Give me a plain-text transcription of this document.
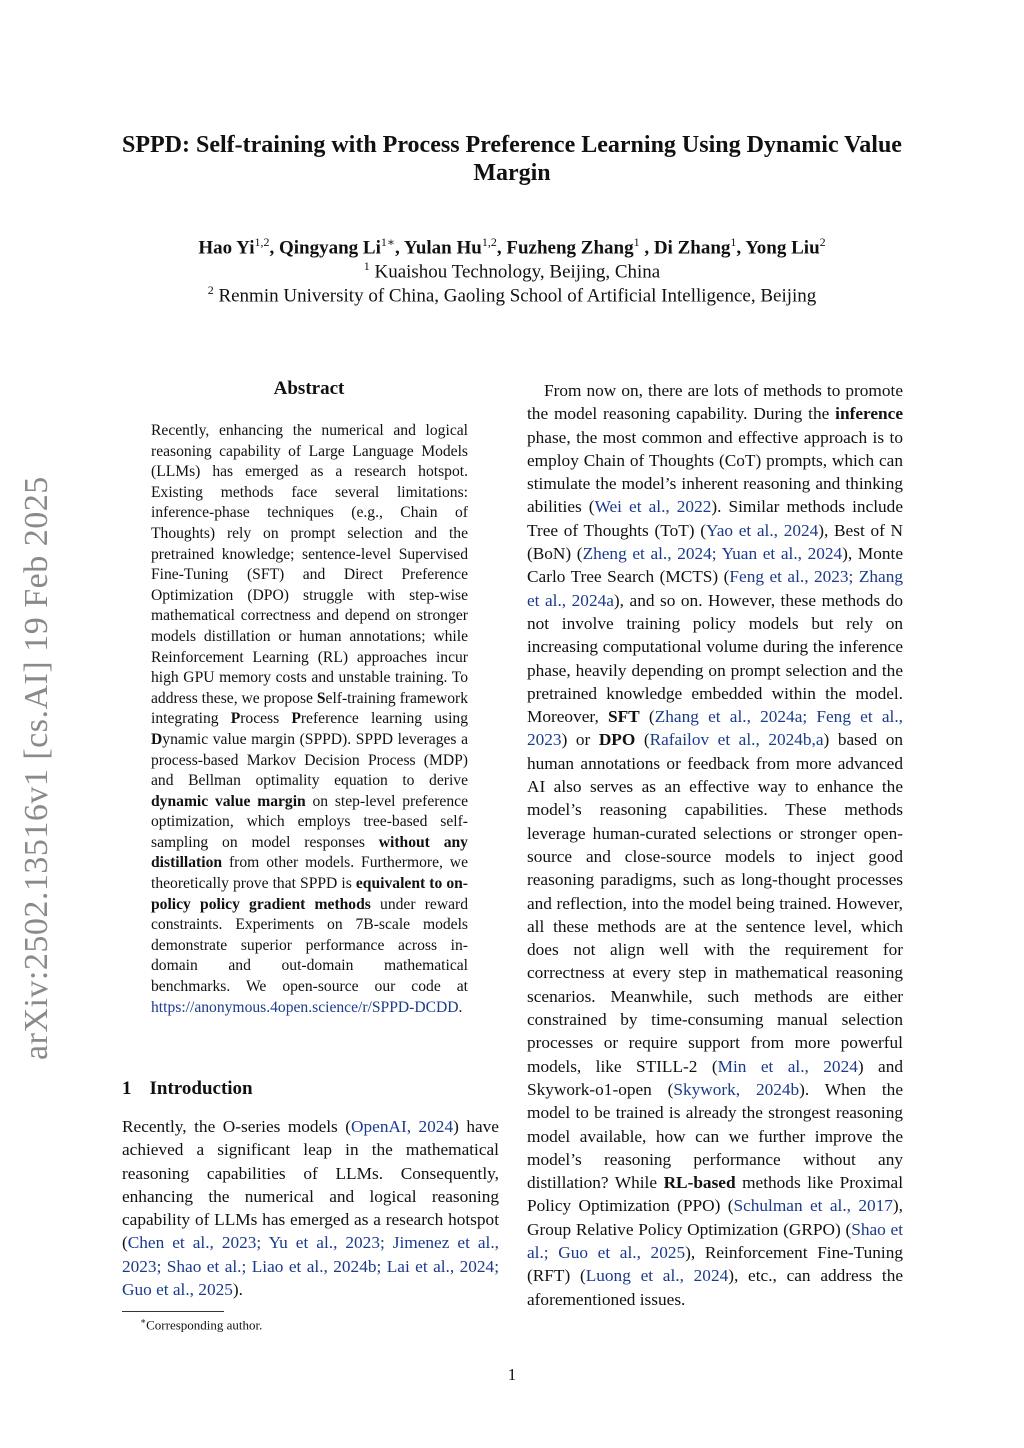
arXiv:2502.13516v1 [cs.AI] 19 Feb 2025
SPPD: Self-training with Process Preference Learning Using Dynamic Value Margin
Hao Yi$^{1,2}$, Qingyang $Li^{1∗}$, Yulan Hu$^{1,2}$, Fuzheng Zhang$^1$ , Di Zhang$^1$, Yong Liu$^2$
$^1$ Kuaishou Technology, Beijing, China
$^2$ Renmin University of China, Gaoling School of Artificial Intelligence, Beijing
Abstract
Recently, enhancing the numerical and logical reasoning capability of Large Language Models (LLMs) has emerged as a research hotspot. Existing methods face several limitations: inference-phase techniques (e.g., Chain of Thoughts) rely on prompt selection and the pretrained knowledge; sentence-level Supervised Fine-Tuning (SFT) and Direct Preference Optimization (DPO) struggle with step-wise mathematical correctness and depend on stronger models distillation or human annotations; while Reinforcement Learning (RL) approaches incur high GPU memory costs and unstable training. To address these, we propose Self-training framework integrating Process Preference learning using Dynamic value margin (SPPD). SPPD leverages a process-based Markov Decision Process (MDP) and Bellman optimality equation to derive dynamic value margin on step-level preference optimization, which employs tree-based self-sampling on model responses without any distillation from other models. Furthermore, we theoretically prove that SPPD is equivalent to on-policy policy gradient methods under reward constraints. Experiments on 7B-scale models demonstrate superior performance across in-domain and out-domain mathematical benchmarks. We open-source our code at https://anonymous.4open.science/r/SPPD-DCDD.
1 Introduction
Recently, the O-series models (OpenAI, 2024) have achieved a significant leap in the mathematical reasoning capabilities of LLMs. Consequently, enhancing the numerical and logical reasoning capability of LLMs has emerged as a research hotspot (Chen et al., 2023; Yu et al., 2023; Jimenez et al., 2023; Shao et al.; Liao et al., 2024b; Lai et al., 2024; Guo et al., 2025).
∗Corresponding author.
From now on, there are lots of methods to promote the model reasoning capability. During the inference phase, the most common and effective approach is to employ Chain of Thoughts (CoT) prompts, which can stimulate the model’s inherent reasoning and thinking abilities (Wei et al., 2022). Similar methods include Tree of Thoughts (ToT) (Yao et al., 2024), Best of N (BoN) (Zheng et al., 2024; Yuan et al., 2024), Monte Carlo Tree Search (MCTS) (Feng et al., 2023; Zhang et al., 2024a), and so on. However, these methods do not involve training policy models but rely on increasing computational volume during the inference phase, heavily depending on prompt selection and the pretrained knowledge embedded within the model. Moreover, SFT (Zhang et al., 2024a; Feng et al., 2023) or DPO (Rafailov et al., 2024b,a) based on human annotations or feedback from more advanced AI also serves as an effective way to enhance the model’s reasoning capabilities. These methods leverage human-curated selections or stronger open-source and close-source models to inject good reasoning paradigms, such as long-thought processes and reflection, into the model being trained. However, all these methods are at the sentence level, which does not align well with the requirement for correctness at every step in mathematical reasoning scenarios. Meanwhile, such methods are either constrained by time-consuming manual selection processes or require support from more powerful models, like STILL-2 (Min et al., 2024) and Skywork-o1-open (Skywork, 2024b). When the model to be trained is already the strongest reasoning model available, how can we further improve the model’s reasoning performance without any distillation? While RL-based methods like Proximal Policy Optimization (PPO) (Schulman et al., 2017), Group Relative Policy Optimization (GRPO) (Shao et al.; Guo et al., 2025), Reinforcement Fine-Tuning (RFT) (Luong et al., 2024), etc., can address the aforementioned issues.
1
